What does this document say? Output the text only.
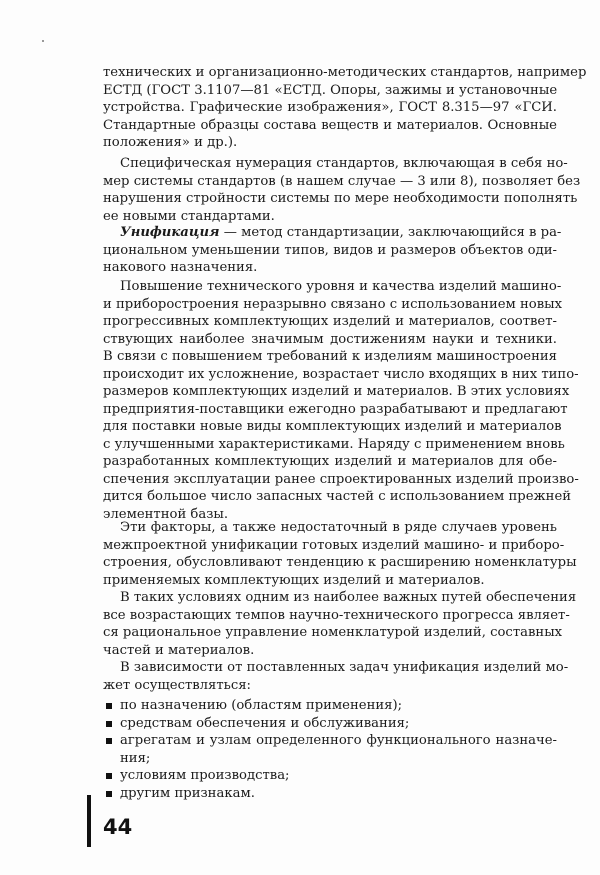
технических и организационно-методических стандартов, например
ЕСТД (ГОСТ 3.1107—81 «ЕСТД. Опоры, зажимы и установочные
устройства. Графические изображения», ГОСТ 8.315—97 «ГСИ.
Стандартные образцы состава веществ и материалов. Основные
положения» и др.).
Специфическая нумерация стандартов, включающая в себя но-
мер системы стандартов (в нашем случае — 3 или 8), позволяет без
нарушения стройности системы по мере необходимости пополнять
ее новыми стандартами.
Унификация — метод стандартизации, заключающийся в ра-
циональном уменьшении типов, видов и размеров объектов оди-
накового назначения.
Повышение технического уровня и качества изделий машино-
и приборостроения неразрывно связано с использованием новых
прогрессивных комплектующих изделий и материалов, соответ-
ствующих наиболее значимым достижениям науки и техники.
В связи с повышением требований к изделиям машиностроения
происходит их усложнение, возрастает число входящих в них типо-
размеров комплектующих изделий и материалов. В этих условиях
предприятия-поставщики ежегодно разрабатывают и предлагают
для поставки новые виды комплектующих изделий и материалов
с улучшенными характеристиками. Наряду с применением вновь
разработанных комплектующих изделий и материалов для обе-
спечения эксплуатации ранее спроектированных изделий произво-
дится большое число запасных частей с использованием прежней
элементной базы.
Эти факторы, а также недостаточный в ряде случаев уровень
межпроектной унификации готовых изделий машино- и приборо-
строения, обусловливают тенденцию к расширению номенклатуры
применяемых комплектующих изделий и материалов.
В таких условиях одним из наиболее важных путей обеспечения
все возрастающих темпов научно-технического прогресса являет-
ся рациональное управление номенклатурой изделий, составных
частей и материалов.
В зависимости от поставленных задач унификация изделий мо-
жет осуществляться:
по назначению (областям применения);
средствам обеспечения и обслуживания;
агрегатам и узлам определенного функционального назначе-
ния;
условиям производства;
другим признакам.
44
